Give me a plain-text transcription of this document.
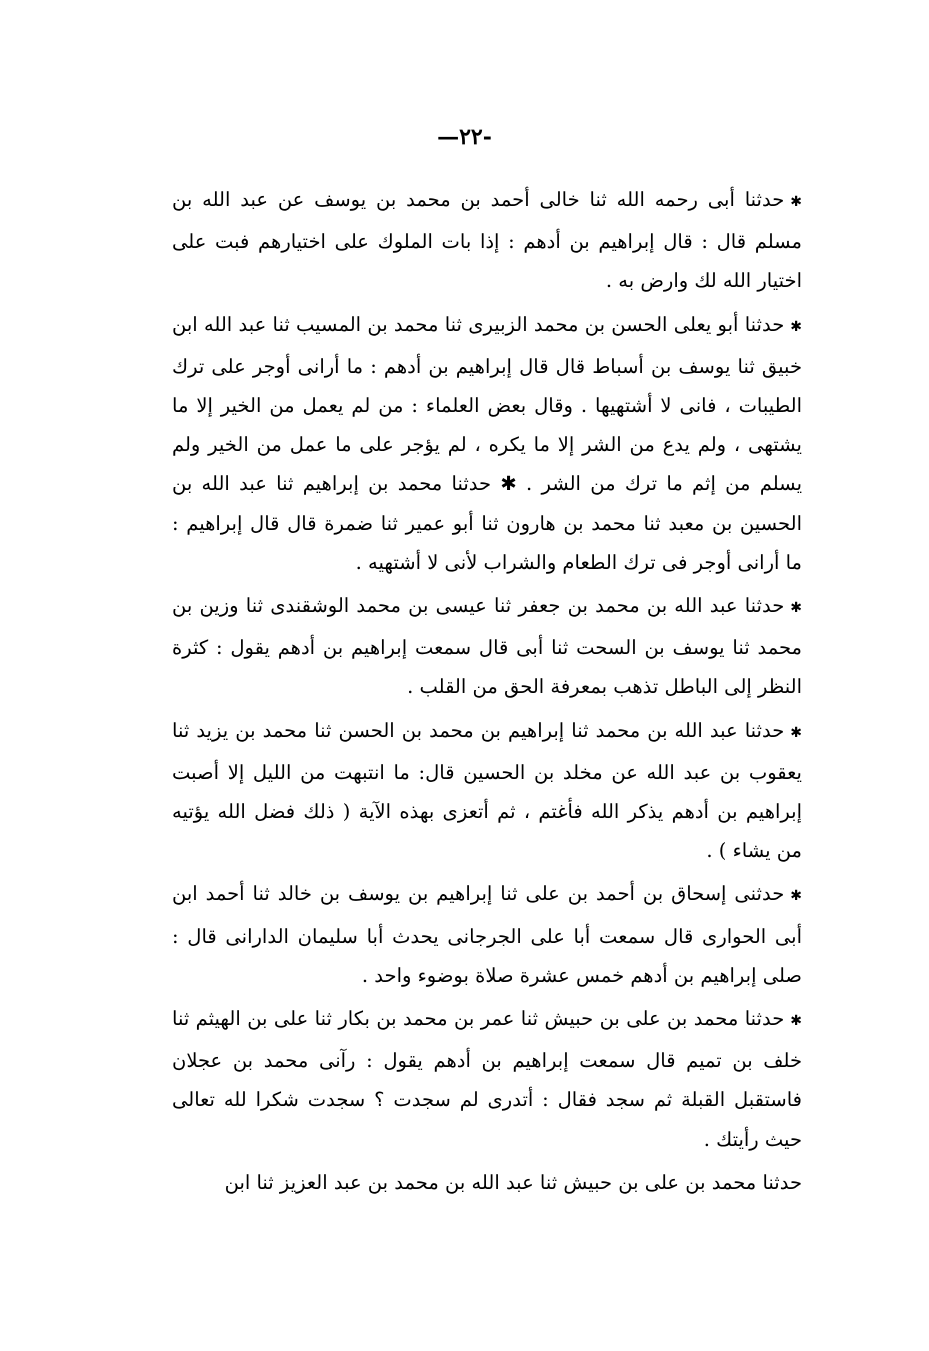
—٢٢-

✱حدثنا أبى رحمه الله ثنا خالى أحمد بن محمد بن يوسف عن عبد الله بن مسلم قال : قال إبراهيم بن أدهم : إذا بات الملوك على اختيارهم فبت على اختيار الله لك وارض به .

✱حدثنا أبو يعلى الحسن بن محمد الزبيرى ثنا محمد بن المسيب ثنا عبد الله ابن خبيق ثنا يوسف بن أسباط قال قال إبراهيم بن أدهم : ما أرانى أوجر على ترك الطيبات ، فانى لا أشتهيها . وقال بعض العلماء : من لم يعمل من الخير إلا ما يشتهى ، ولم يدع من الشر إلا ما يكره ، لم يؤجر على ما عمل من الخير ولم يسلم من إثم ما ترك من الشر . ✱ حدثنا محمد بن إبراهيم ثنا عبد الله بن الحسين بن معبد ثنا محمد بن هارون ثنا أبو عمير ثنا ضمرة قال قال إبراهيم : ما أرانى أوجر فى ترك الطعام والشراب لأنى لا أشتهيه .

✱حدثنا عبد الله بن محمد بن جعفر ثنا عيسى بن محمد الوشقندى ثنا وزين بن محمد ثنا يوسف بن السحت ثنا أبى قال سمعت إبراهيم بن أدهم يقول : كثرة النظر إلى الباطل تذهب بمعرفة الحق من القلب .

✱حدثنا عبد الله بن محمد ثنا إبراهيم بن محمد بن الحسن ثنا محمد بن يزيد ثنا يعقوب بن عبد الله عن مخلد بن الحسين قال: ما انتبهت من الليل إلا أصبت إبراهيم بن أدهم يذكر الله فأغتم ، ثم أتعزى بهذه الآية ( ذلك فضل الله يؤتيه من يشاء ) .

✱حدثنى إسحاق بن أحمد بن على ثنا إبراهيم بن يوسف بن خالد ثنا أحمد ابن أبى الحوارى قال سمعت أبا على الجرجانى يحدث أبا سليمان الدارانى قال : صلى إبراهيم بن أدهم خمس عشرة صلاة بوضوء واحد .

✱حدثنا محمد بن على بن حبيش ثنا عمر بن محمد بن بكار ثنا على بن الهيثم ثنا خلف بن تميم قال سمعت إبراهيم بن أدهم يقول : رآنى محمد بن عجلان فاستقبل القبلة ثم سجد فقال : أتدرى لم سجدت ؟ سجدت شكرا لله تعالى حيث رأيتك .

حدثنا محمد بن على بن حبيش ثنا عبد الله بن محمد بن عبد العزيز ثنا ابن
